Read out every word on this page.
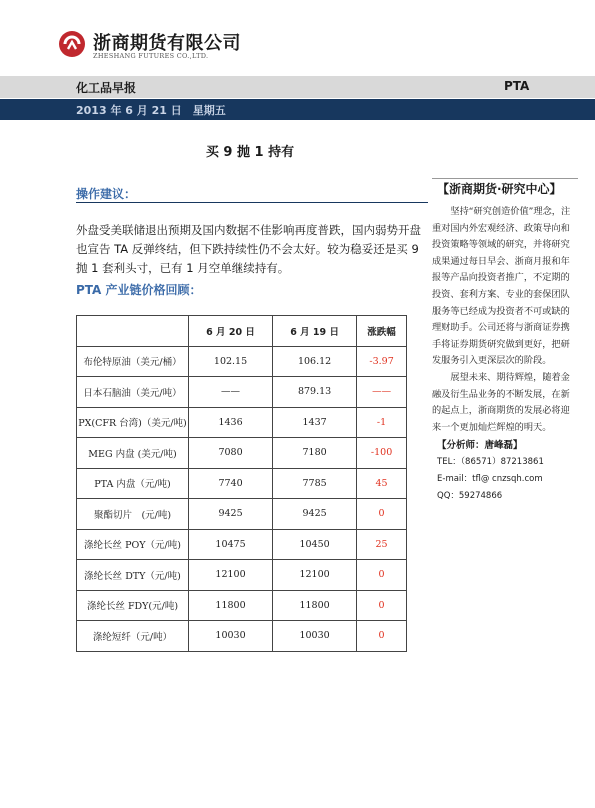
浙商期货有限公司
ZHESHANG FUTURES CO.,LTD.
化工品早报	PTA
2013 年 6 月 21 日　星期五
买 9 抛 1 持有
操作建议：
外盘受美联储退出预期及国内数据不佳影响再度普跌，国内弱势开盘也宣告 TA 反弹终结，但下跌持续性仍不会太好。较为稳妥还是买 9 抛 1 套利头寸，已有 1 月空单继续持有。
PTA 产业链价格回顾：
	6 月 20 日	6 月 19 日	涨跌幅
布伦特原油（美元/桶）	102.15	106.12	-3.97
日本石脑油（美元/吨）	——	879.13	——
PX(CFR 台湾)（美元/吨)	1436	1437	-1
MEG 内盘 (美元/吨)	7080	7180	-100
PTA 内盘（元/吨)	7740	7785	45
聚酯切片　(元/吨)	9425	9425	0
涤纶长丝 POY（元/吨)	10475	10450	25
涤纶长丝 DTY（元/吨)	12100	12100	0
涤纶长丝 FDY(元/吨)	11800	11800	0
涤纶短纤（元/吨）	10030	10030	0
【浙商期货·研究中心】

坚持“研究创造价值”理念，注重对国内外宏观经济、政策导向和投资策略等领域的研究，并将研究成果通过每日早会、浙商月报和年报等产品向投资者推广，不定期的投资、套利方案、专业的套保团队服务等已经成为投资者不可或缺的理财助手。公司还将与浙商证券携手将证券期货研究做到更好，把研发服务引入更深层次的阶段。

展望未来、期待辉煌，随着金融及衍生品业务的不断发展，在新的起点上，浙商期货的发展必将迎来一个更加灿烂辉煌的明天。

【分析师：唐峰磊】
TEL：（86571）87213861
E-mail：tfl@ cnzsqh.com
QQ：59274866
